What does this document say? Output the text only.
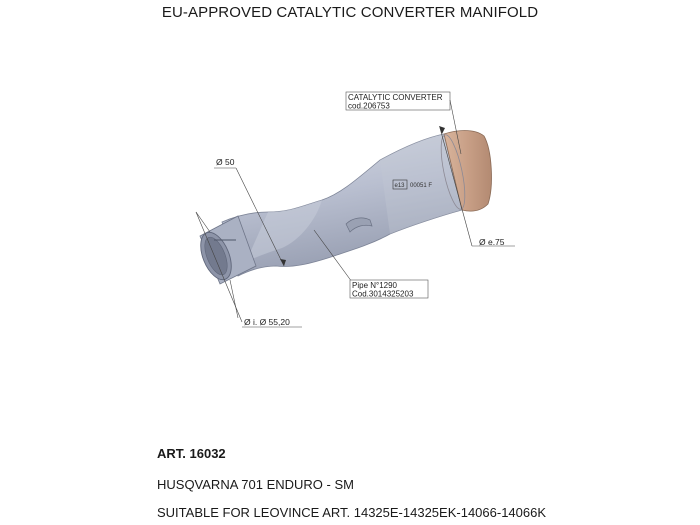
EU-APPROVED CATALYTIC CONVERTER MANIFOLD
e13 00051 F
CATALYTIC CONVERTER
cod.206753
Ø 50
Ø e.75
Pipe N°1290
Cod.3014325203
Ø i. Ø 55,20
ART. 16032
HUSQVARNA 701 ENDURO - SM
SUITABLE FOR LEOVINCE ART. 14325E-14325EK-14066-14066K
